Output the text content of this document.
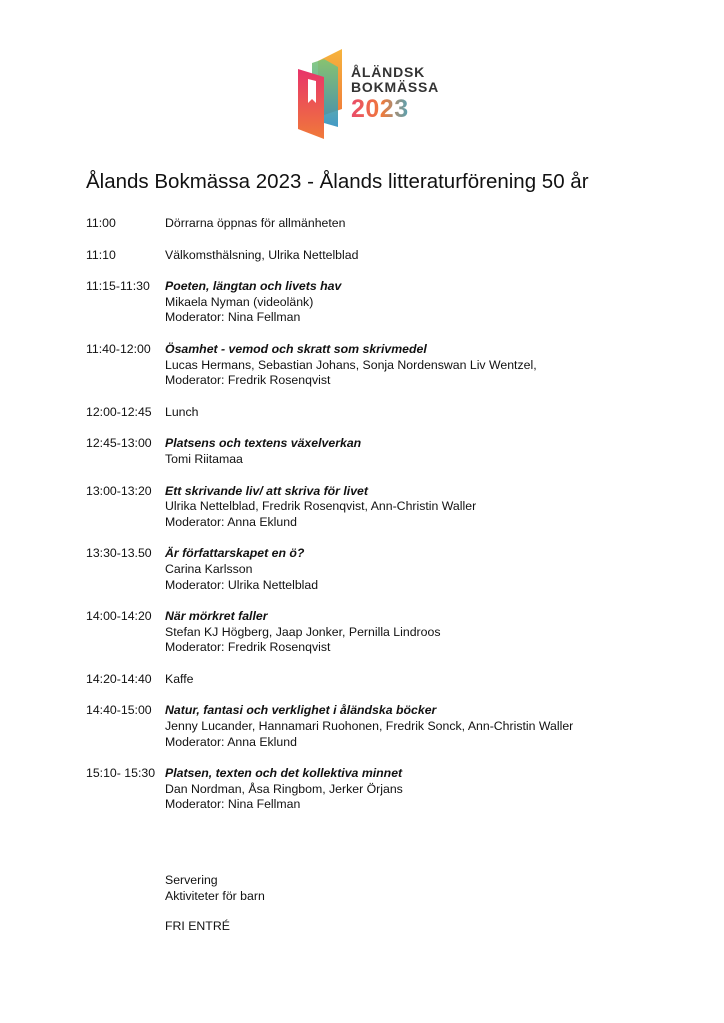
ÅLÄNDSK
BOKMÄSSA
2023
Ålands Bokmässa 2023 - Ålands litteraturförening 50 år
11:00	Dörrarna öppnas för allmänheten
11:10	Välkomsthälsning, Ulrika Nettelblad
11:15-11:30 Poeten, längtan och livets hav
Mikaela Nyman (videolänk)
Moderator: Nina Fellman
11:40-12:00 Ösamhet - vemod och skratt som skrivmedel
Lucas Hermans, Sebastian Johans, Sonja Nordenswan Liv Wentzel,
Moderator: Fredrik Rosenqvist
12:00-12:45 Lunch
12:45-13:00 Platsens och textens växelverkan
Tomi Riitamaa
13:00-13:20 Ett skrivande liv/ att skriva för livet
Ulrika Nettelblad, Fredrik Rosenqvist, Ann-Christin Waller
Moderator: Anna Eklund
13:30-13.50 Är författarskapet en ö?
Carina Karlsson
Moderator: Ulrika Nettelblad
14:00-14:20 När mörkret faller
Stefan KJ Högberg, Jaap Jonker, Pernilla Lindroos
Moderator: Fredrik Rosenqvist
14:20-14:40 Kaffe
14:40-15:00 Natur, fantasi och verklighet i åländska böcker
Jenny Lucander, Hannamari Ruohonen, Fredrik Sonck, Ann-Christin Waller
Moderator: Anna Eklund
15:10- 15:30 Platsen, texten och det kollektiva minnet
Dan Nordman, Åsa Ringbom, Jerker Örjans
Moderator: Nina Fellman
Servering
Aktiviteter för barn
FRI ENTRÉ
